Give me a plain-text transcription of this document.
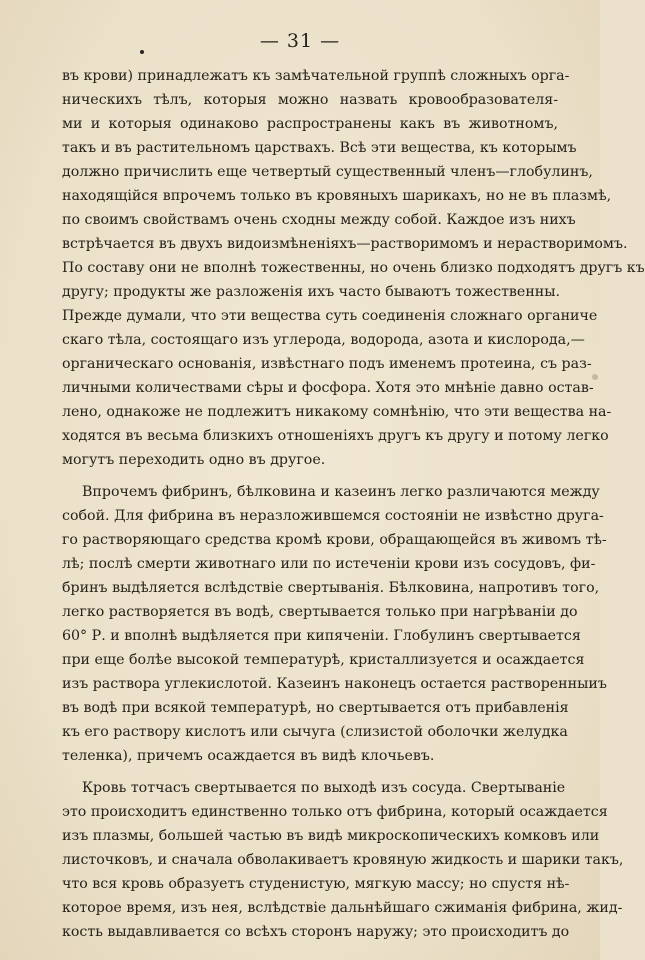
— 31 —
въ крови) принадлежатъ къ замѣчательной группѣ сложныхъ орга-
ническихъ тѣлъ, которыя можно назвать кровообразователя-
ми и которыя одинаково распространены какъ въ животномъ,
такъ и въ растительномъ царствахъ. Всѣ эти вещества, къ которымъ
должно причислить еще четвертый существенный членъ—глобулинъ,
находящійся впрочемъ только въ кровяныхъ шарикахъ, но не въ плазмѣ,
по своимъ свойствамъ очень сходны между собой. Каждое изъ нихъ
встрѣчается въ двухъ видоизмѣненіяхъ—растворимомъ и нерастворимомъ.
По составу они не вполнѣ тожественны, но очень близко подходятъ другъ къ
другу; продукты же разложенія ихъ часто бываютъ тожественны.
Прежде думали, что эти вещества суть соединенія сложнаго органиче
скаго тѣла, состоящаго изъ углерода, водорода, азота и кислорода,—
органическаго основанія, извѣстнаго подъ именемъ протеина, съ раз-
личными количествами сѣры и фосфора. Хотя это мнѣніе давно остав-
лено, однакоже не подлежитъ никакому сомнѣнію, что эти вещества на-
ходятся въ весьма близкихъ отношеніяхъ другъ къ другу и потому легко
могутъ переходить одно въ другое.
Впрочемъ фибринъ, бѣлковина и казеинъ легко различаются между
собой. Для фибрина въ неразложившемся состояніи не извѣстно друга-
го растворяющаго средства кромѣ крови, обращающейся въ живомъ тѣ-
лѣ; послѣ смерти животнаго или по истеченіи крови изъ сосудовъ, фи-
бринъ выдѣляется вслѣдствіе свертыванія. Бѣлковина, напротивъ того,
легко растворяется въ водѣ, свертывается только при нагрѣваніи до
60° Р. и вполнѣ выдѣляется при кипяченіи. Глобулинъ свертывается
при еще болѣе высокой температурѣ, кристаллизуется и осаждается
изъ раствора углекислотой. Казеинъ наконецъ остается растворенныиъ
въ водѣ при всякой температурѣ, но свертывается отъ прибавленія
къ его раствору кислотъ или сычуга (слизистой оболочки желудка
теленка), причемъ осаждается въ видѣ клочьевъ.
Кровь тотчасъ свертывается по выходѣ изъ сосуда. Свертываніе
это происходитъ единственно только отъ фибрина, который осаждается
изъ плазмы, большей частью въ видѣ микроскопическихъ комковъ или
листочковъ, и сначала обволакиваетъ кровяную жидкость и шарики такъ,
что вся кровь образуетъ студенистую, мягкую массу; но спустя нѣ-
которое время, изъ нея, вслѣдствіе дальнѣйшаго сжиманія фибрина, жид-
кость выдавливается со всѣхъ сторонъ наружу; это происходитъ до
